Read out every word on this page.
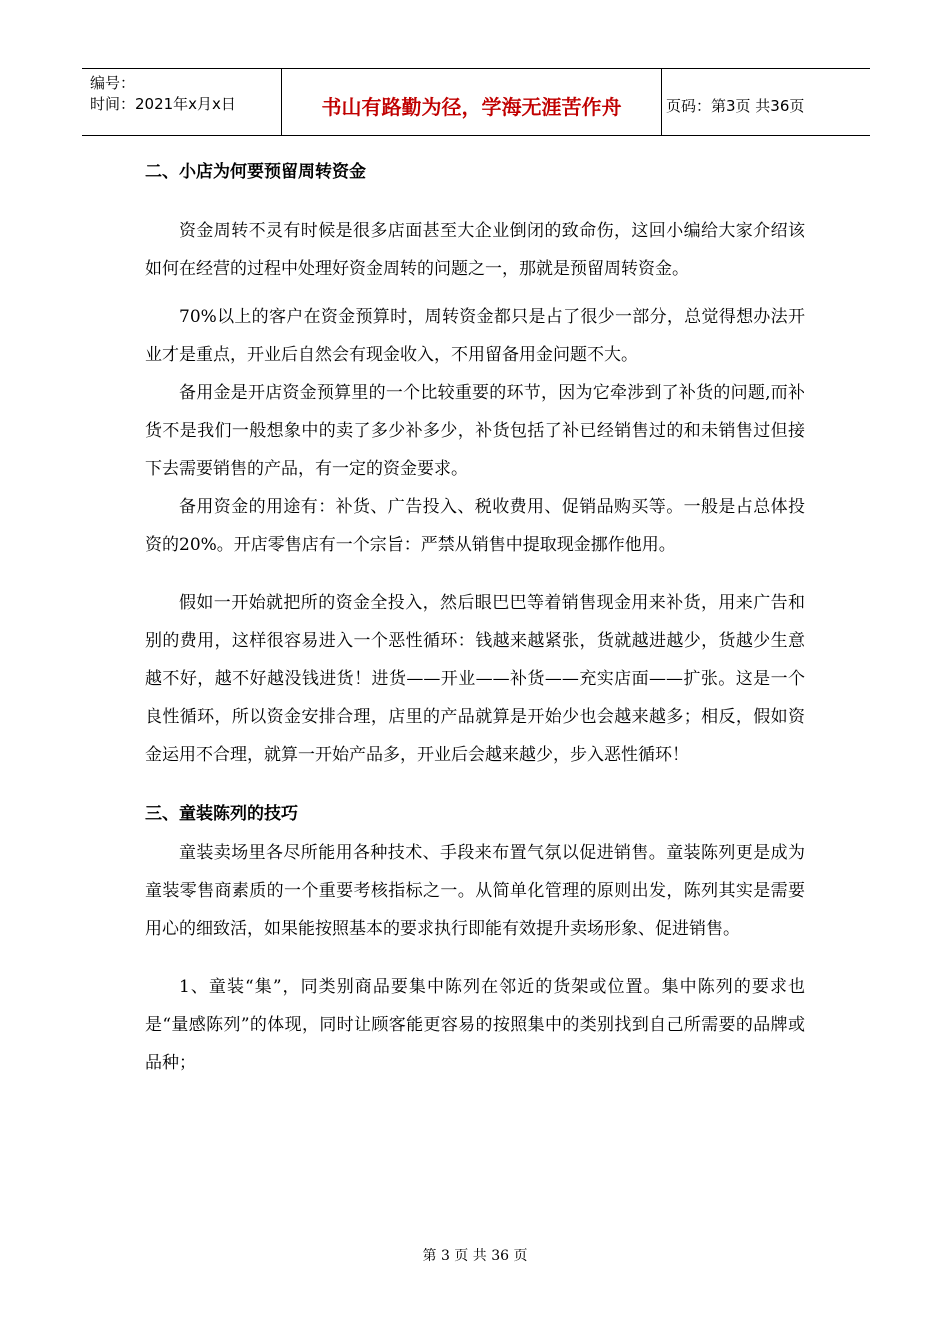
编号：
时间：2021年x月x日	书山有路勤为径，学海无涯苦作舟	页码：第3页 共36页
二、小店为何要预留周转资金

资金周转不灵有时候是很多店面甚至大企业倒闭的致命伤，这回小编给大家介绍该如何在经营的过程中处理好资金周转的问题之一，那就是预留周转资金。

70%以上的客户在资金预算时，周转资金都只是占了很少一部分，总觉得想办法开业才是重点，开业后自然会有现金收入，不用留备用金问题不大。

备用金是开店资金预算里的一个比较重要的环节，因为它牵涉到了补货的问题,而补货不是我们一般想象中的卖了多少补多少，补货包括了补已经销售过的和未销售过但接下去需要销售的产品，有一定的资金要求。

备用资金的用途有：补货、广告投入、税收费用、促销品购买等。一般是占总体投资的20%。开店零售店有一个宗旨：严禁从销售中提取现金挪作他用。

假如一开始就把所的资金全投入，然后眼巴巴等着销售现金用来补货，用来广告和别的费用，这样很容易进入一个恶性循环：钱越来越紧张，货就越进越少，货越少生意越不好，越不好越没钱进货！进货——开业——补货——充实店面——扩张。这是一个良性循环，所以资金安排合理，店里的产品就算是开始少也会越来越多；相反，假如资金运用不合理，就算一开始产品多，开业后会越来越少，步入恶性循环！

三、童装陈列的技巧

童装卖场里各尽所能用各种技术、手段来布置气氛以促进销售。童装陈列更是成为童装零售商素质的一个重要考核指标之一。从简单化管理的原则出发，陈列其实是需要用心的细致活，如果能按照基本的要求执行即能有效提升卖场形象、促进销售。

1、童装“集”，同类别商品要集中陈列在邻近的货架或位置。集中陈列的要求也是“量感陈列”的体现，同时让顾客能更容易的按照集中的类别找到自己所需要的品牌或品种；

第 3 页 共 36 页
